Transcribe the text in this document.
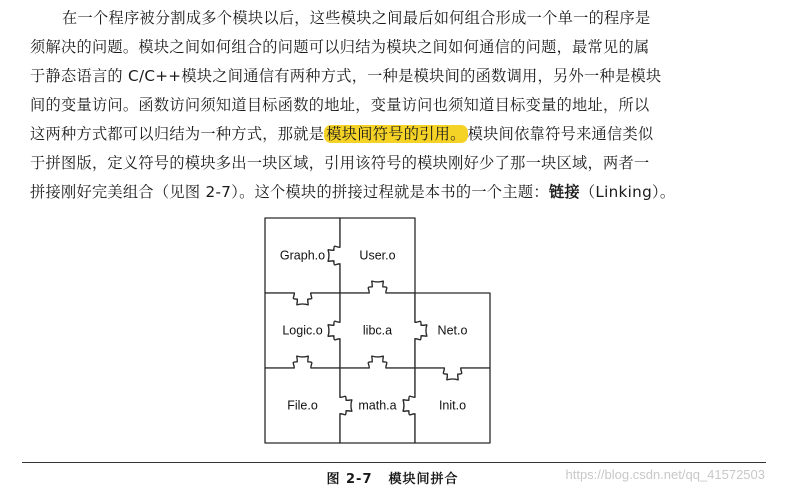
在一个程序被分割成多个模块以后，这些模块之间最后如何组合形成一个单一的程序是
须解决的问题。模块之间如何组合的问题可以归结为模块之间如何通信的问题，最常见的属
于静态语言的 C/C++模块之间通信有两种方式，一种是模块间的函数调用，另外一种是模块
间的变量访问。函数访问须知道目标函数的地址，变量访问也须知道目标变量的地址，所以
这两种方式都可以归结为一种方式，那就是 模块间符号的引用。 模块间依靠符号来通信类似
于拼图版，定义符号的模块多出一块区域，引用该符号的模块刚好少了那一块区域，两者一
拼接刚好完美组合（见图 2-7）。这个模块的拼接过程就是本书的一个主题：链接（Linking）。
Graph.o	User.o
Logic.o	libc.a	Net.o
File.o	math.a	Init.o
图 2-7 模块间拼合	https://blog.csdn.net/qq_41572503
